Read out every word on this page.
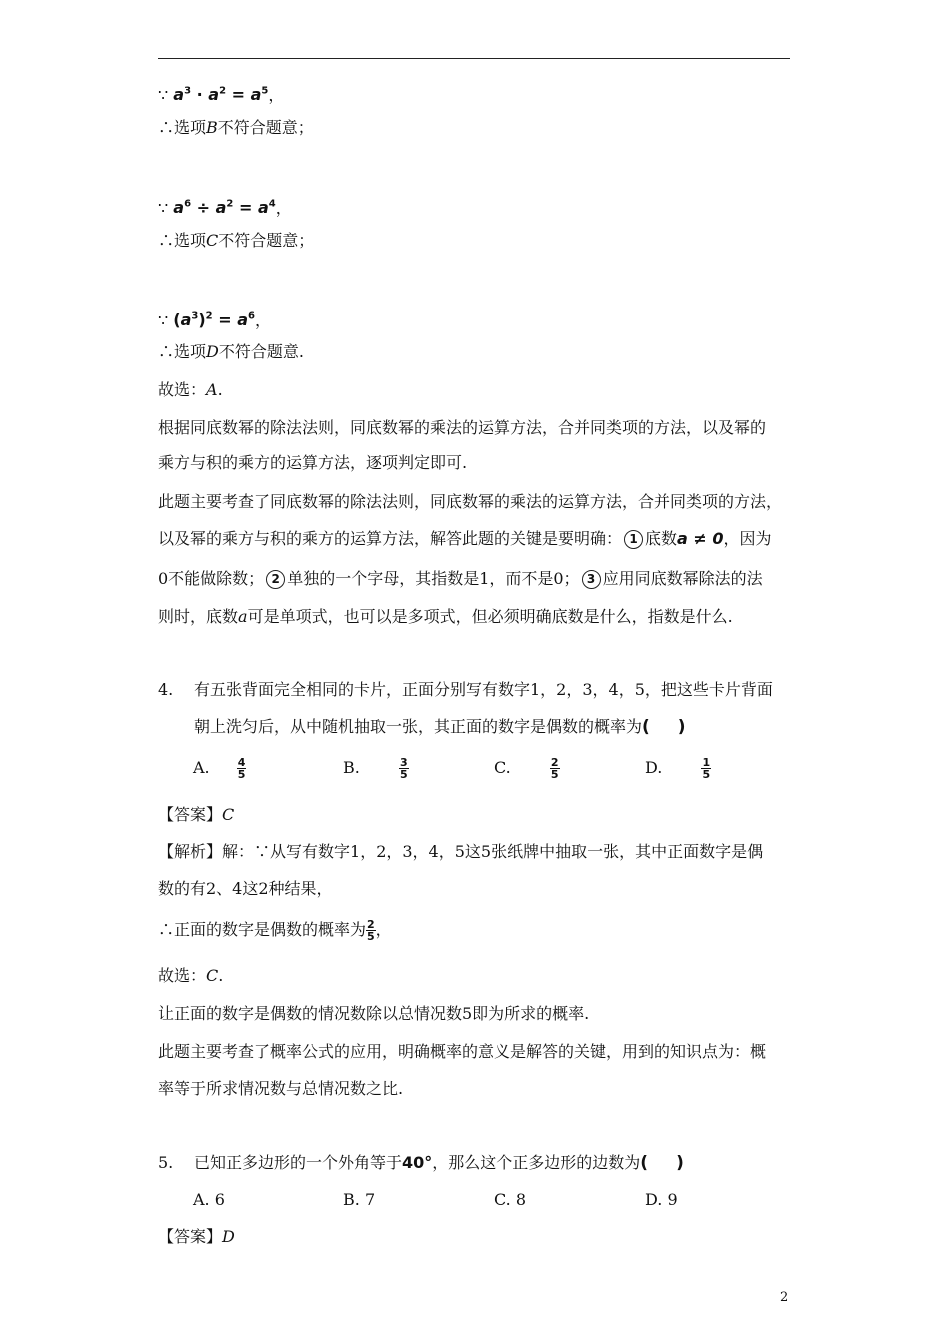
∵ $a^3 \cdot a^2 = a^5$，
∴选项B不符合题意；
∵ $a^6 \div a^2 = a^4$，
∴选项C不符合题意；
∵ $(a^3)^2 = a^6$，
∴选项D不符合题意.
故选：A.
根据同底数幂的除法法则，同底数幂的乘法的运算方法，合并同类项的方法，以及幂的
乘方与积的乘方的运算方法，逐项判定即可.
此题主要考查了同底数幂的除法法则，同底数幂的乘法的运算方法，合并同类项的方法，
以及幂的乘方与积的乘方的运算方法，解答此题的关键是要明确： 1 底数a ≠ 0，因为
0不能做除数； 2 单独的一个字母，其指数是1，而不是0； 3 应用同底数幂除法的法
则时，底数a可是单项式，也可以是多项式，但必须明确底数是什么，指数是什么.
4. 有五张背面完全相同的卡片，正面分别写有数字1，2，3，4，5，把这些卡片背面
朝上洗匀后，从中随机抽取一张，其正面的数字是偶数的概率为( )
A. $\frac{4}{5}$	B.	$\frac{3}{5}$	C.	$\frac{2}{5}$	D.	$\frac{1}{5}$
【答案】C
【解析】解：∵从写有数字1，2，3，4，5这5张纸牌中抽取一张，其中正面数字是偶
数的有2、4这2种结果，
∴正面的数字是偶数的概率为 $\frac{2}{5}$ ，
故选：C.
让正面的数字是偶数的情况数除以总情况数5即为所求的概率.
此题主要考查了概率公式的应用，明确概率的意义是解答的关键，用到的知识点为：概
率等于所求情况数与总情况数之比.
5. 已知正多边形的一个外角等于40°，那么这个正多边形的边数为( )
A. 6	B. 7	C. 8	D. 9
【答案】D
2
